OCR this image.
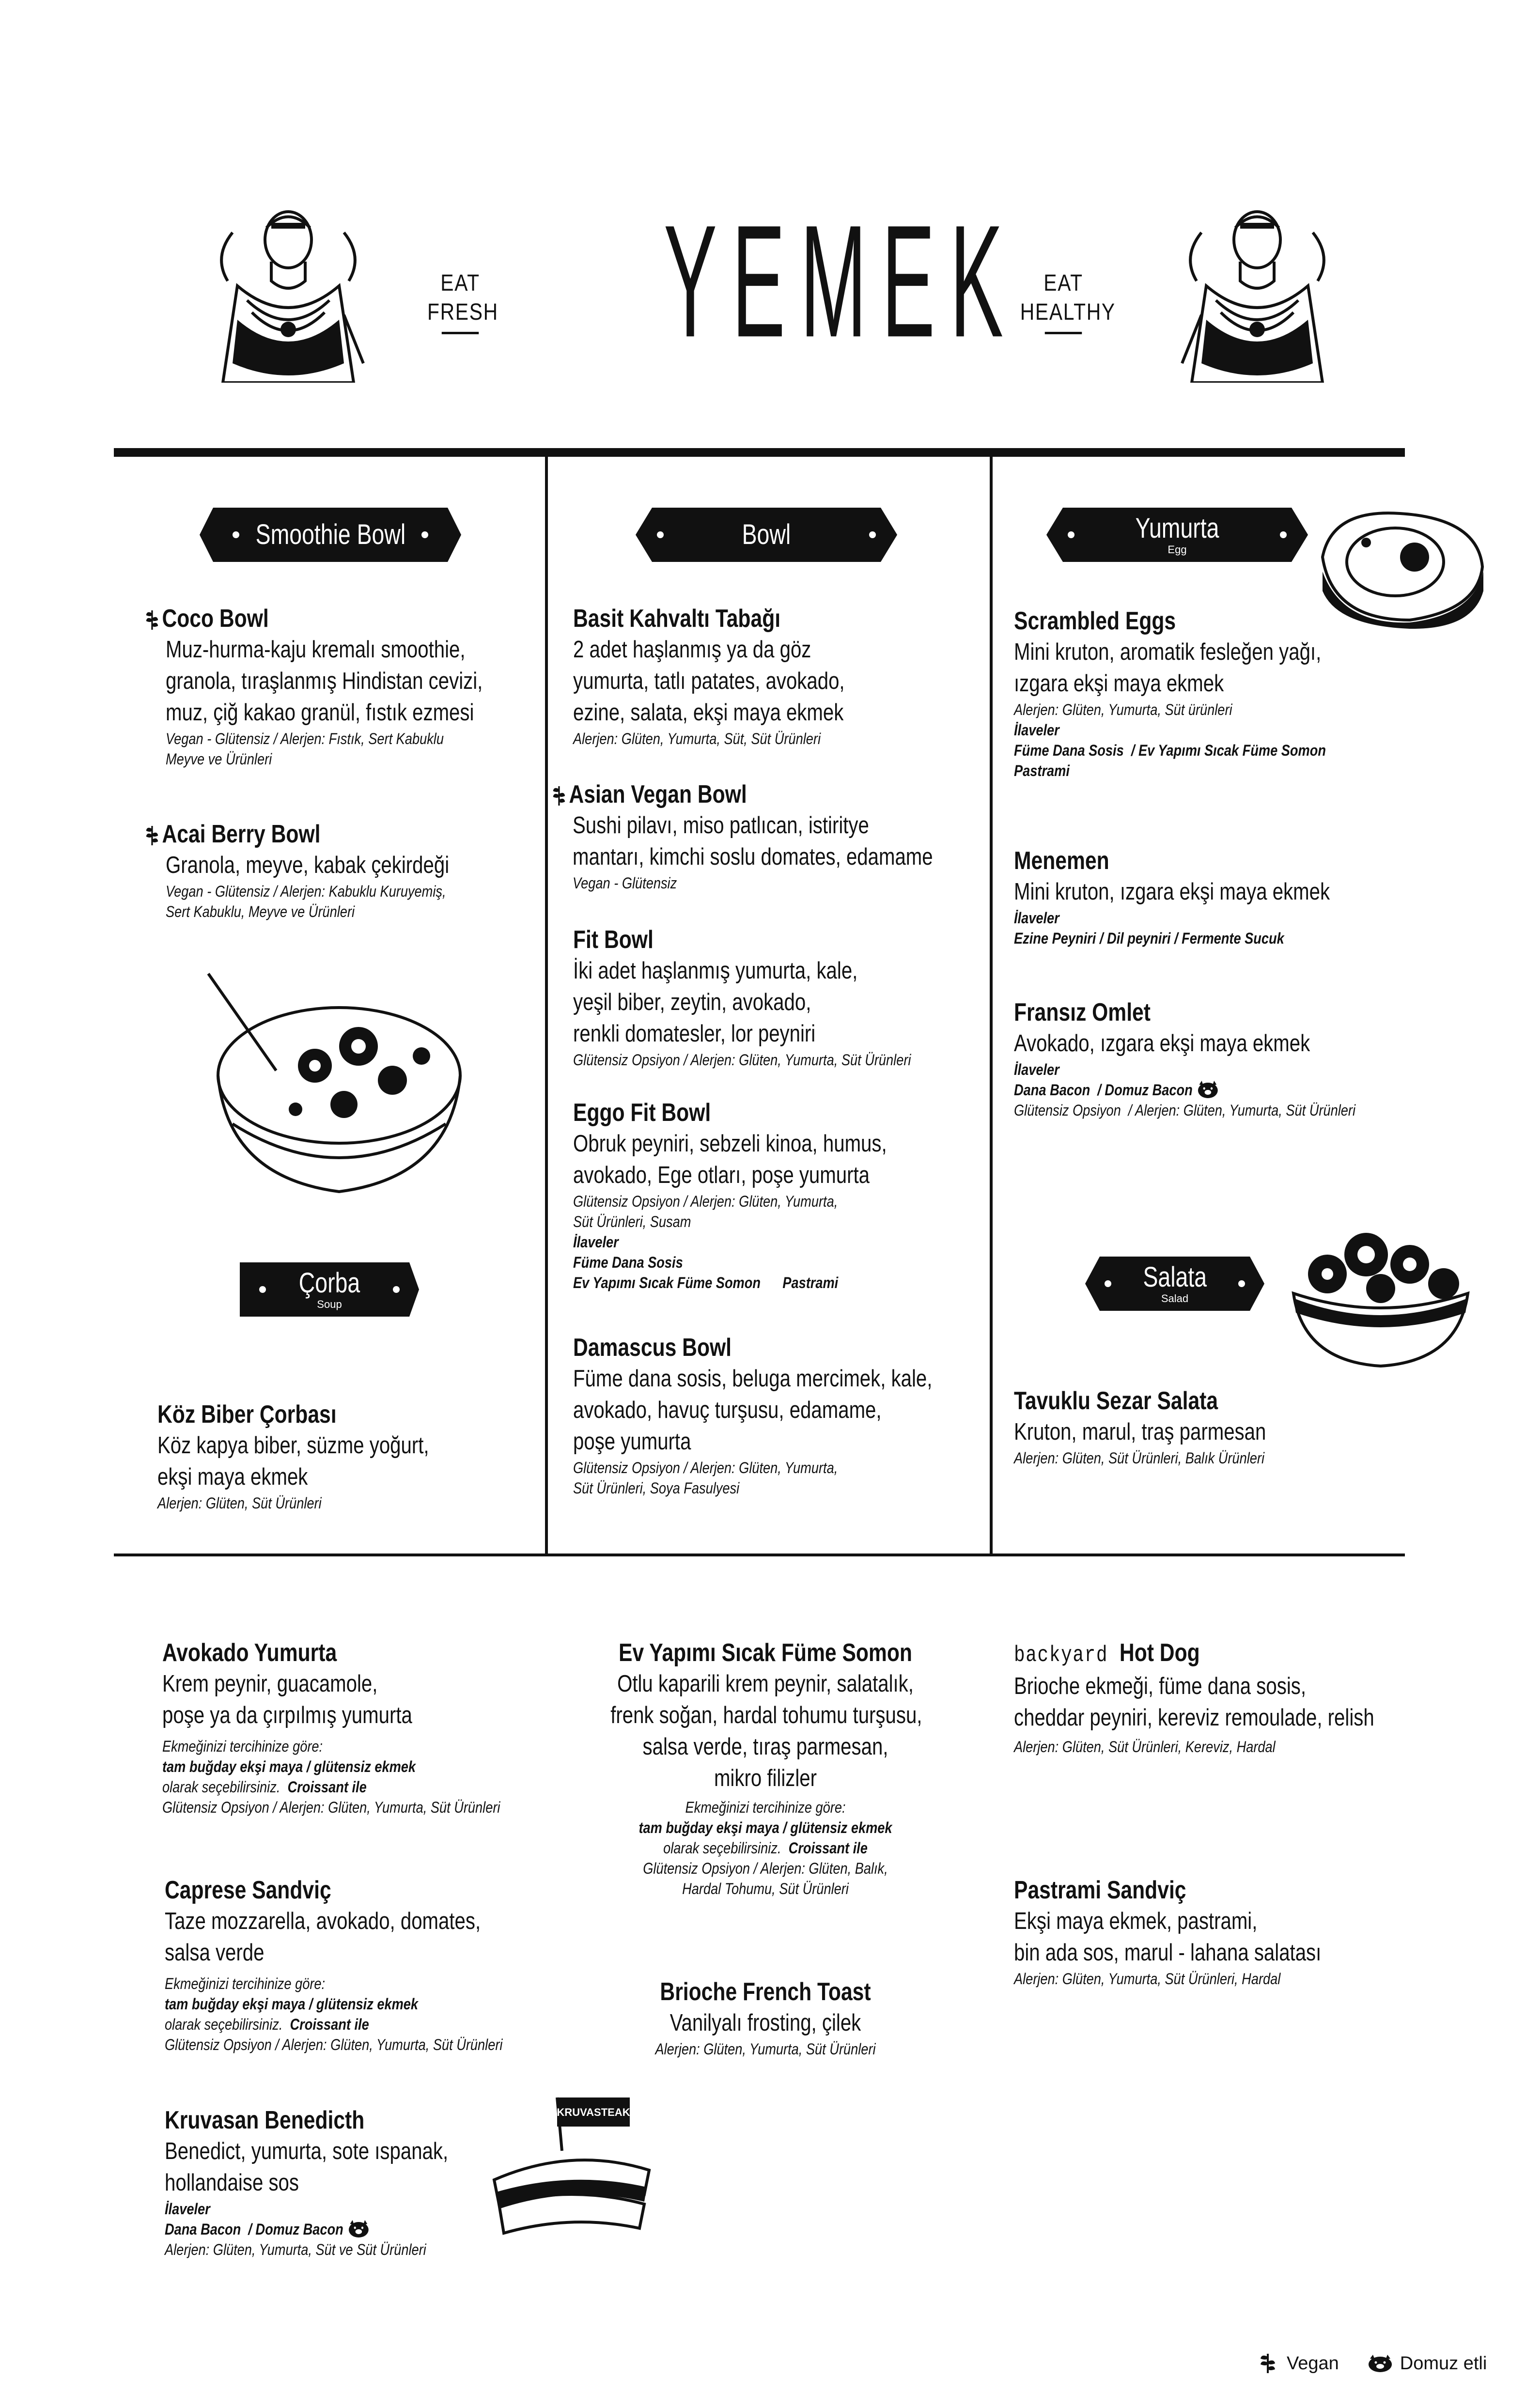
EAT
FRESH YEMEK	EAT
HEALTHY
Smoothie Bowl	Bowl	Yumurta
Egg
Çorba
Soup
Salata
Salad
KRUVASTEAK
Coco Bowl
Muz-hurma-kaju kremalı smoothie,
granola, tıraşlanmış Hindistan cevizi,
muz, çiğ kakao granül, fıstık ezmesi
Vegan - Glütensiz / Alerjen: Fıstık, Sert Kabuklu
Meyve ve Ürünleri
Acai Berry Bowl
Granola, meyve, kabak çekirdeği
Vegan - Glütensiz / Alerjen: Kabuklu Kuruyemiş,
Sert Kabuklu, Meyve ve Ürünleri
Köz Biber Çorbası
Köz kapya biber, süzme yoğurt,
ekşi maya ekmek
Alerjen: Glüten, Süt Ürünleri
Basit Kahvaltı Tabağı
2 adet haşlanmış ya da göz
yumurta, tatlı patates, avokado,
ezine, salata, ekşi maya ekmek
Alerjen: Glüten, Yumurta, Süt, Süt Ürünleri
Asian Vegan Bowl
Sushi pilavı, miso patlıcan, istiritye
mantarı, kimchi soslu domates, edamame
Vegan - Glütensiz
Fit Bowl
İki adet haşlanmış yumurta, kale,
yeşil biber, zeytin, avokado,
renkli domatesler, lor peyniri
Glütensiz Opsiyon / Alerjen: Glüten, Yumurta, Süt Ürünleri
Eggo Fit Bowl
Obruk peyniri, sebzeli kinoa, humus,
avokado, Ege otları, poşe yumurta
Glütensiz Opsiyon / Alerjen: Glüten, Yumurta,
Süt Ürünleri, Susam
İlaveler
Füme Dana Sosis
Ev Yapımı Sıcak Füme Somon      Pastrami
Damascus Bowl
Füme dana sosis, beluga mercimek, kale,
avokado, havuç turşusu, edamame,
poşe yumurta
Glütensiz Opsiyon / Alerjen: Glüten, Yumurta,
Süt Ürünleri, Soya Fasulyesi
Scrambled Eggs
Mini kruton, aromatik fesleğen yağı,
ızgara ekşi maya ekmek
Alerjen: Glüten, Yumurta, Süt ürünleri
İlaveler
Füme Dana Sosis  / Ev Yapımı Sıcak Füme Somon
Pastrami
Menemen
Mini kruton, ızgara ekşi maya ekmek
İlaveler
Ezine Peyniri / Dil peyniri / Fermente Sucuk
Fransız Omlet
Avokado, ızgara ekşi maya ekmek
İlaveler
Dana Bacon  / Domuz Bacon
Glütensiz Opsiyon  / Alerjen: Glüten, Yumurta, Süt Ürünleri
Tavuklu Sezar Salata
Kruton, marul, traş parmesan
Alerjen: Glüten, Süt Ürünleri, Balık Ürünleri
Avokado Yumurta
Krem peynir, guacamole,
poşe ya da çırpılmış yumurta
Ekmeğinizi tercihinize göre:
tam buğday ekşi maya / glütensiz ekmek
olarak seçebilirsiniz. Croissant ile
Glütensiz Opsiyon / Alerjen: Glüten, Yumurta, Süt Ürünleri
Caprese Sandviç
Taze mozzarella, avokado, domates,
salsa verde
Ekmeğinizi tercihinize göre:
tam buğday ekşi maya / glütensiz ekmek
olarak seçebilirsiniz. Croissant ile
Glütensiz Opsiyon / Alerjen: Glüten, Yumurta, Süt Ürünleri
Kruvasan Benedicth
Benedict, yumurta, sote ıspanak,
hollandaise sos
İlaveler
Dana Bacon  / Domuz Bacon
Alerjen: Glüten, Yumurta, Süt ve Süt Ürünleri
Ev Yapımı Sıcak Füme Somon
Otlu kaparili krem peynir, salatalık,
frenk soğan, hardal tohumu turşusu,
salsa verde, tıraş parmesan,
mikro filizler
Ekmeğinizi tercihinize göre:
tam buğday ekşi maya / glütensiz ekmek
olarak seçebilirsiniz. Croissant ile
Glütensiz Opsiyon / Alerjen: Glüten, Balık,
Hardal Tohumu, Süt Ürünleri
Brioche French Toast
Vanilyalı frosting, çilek
Alerjen: Glüten, Yumurta, Süt Ürünleri
backyard Hot Dog
Brioche ekmeği, füme dana sosis,
cheddar peyniri, kereviz remoulade, relish
Alerjen: Glüten, Süt Ürünleri, Kereviz, Hardal
Pastrami Sandviç
Ekşi maya ekmek, pastrami,
bin ada sos, marul - lahana salatası
Alerjen: Glüten, Yumurta, Süt Ürünleri, Hardal
Vegan	Domuz etli
